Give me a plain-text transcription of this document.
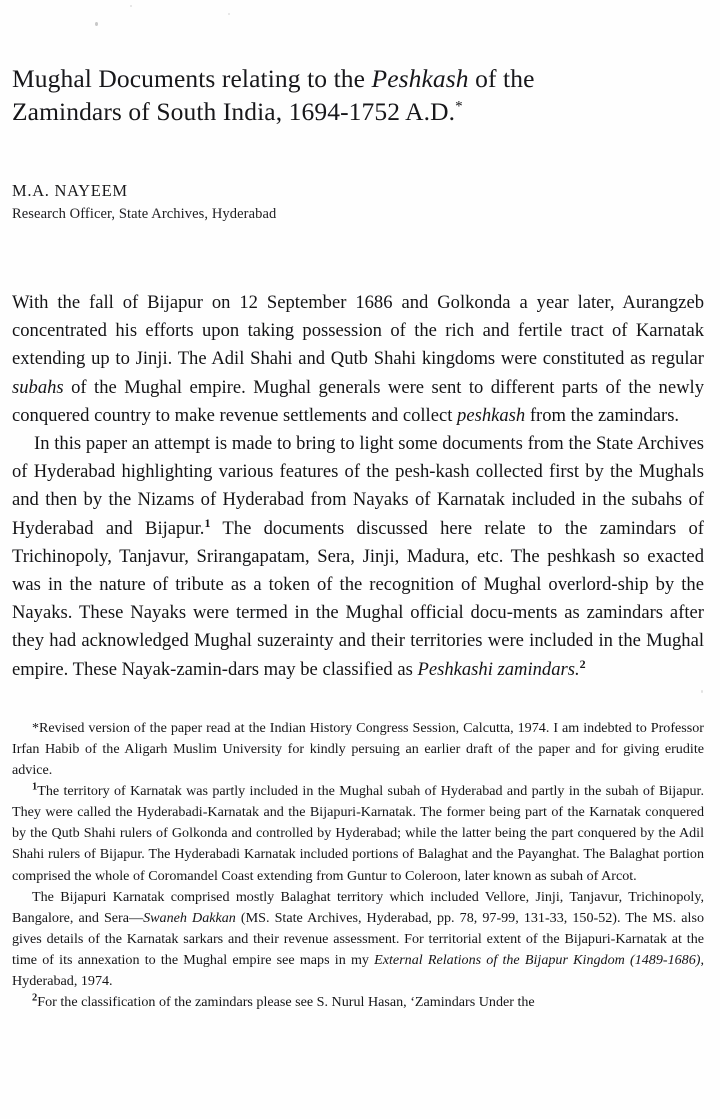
Mughal Documents relating to the Peshkash of the
Zamindars of South India, 1694-1752 A.D.*
M.A. NAYEEM
Research Officer, State Archives, Hyderabad

With the fall of Bijapur on 12 September 1686 and Golkonda a year later, Aurangzeb concentrated his efforts upon taking possession of the rich and fertile tract of Karnatak extending up to Jinji. The Adil Shahi and Qutb Shahi kingdoms were constituted as regular subahs of the Mughal empire. Mughal generals were sent to different parts of the newly conquered country to make revenue settlements and collect peshkash from the zamindars.

In this paper an attempt is made to bring to light some documents from the State Archives of Hyderabad highlighting various features of the pesh-kash collected first by the Mughals and then by the Nizams of Hyderabad from Nayaks of Karnatak included in the subahs of Hyderabad and Bijapur.$^1$ The documents discussed here relate to the zamindars of Trichinopoly, Tanjavur, Srirangapatam, Sera, Jinji, Madura, etc. The peshkash so exacted was in the nature of tribute as a token of the recognition of Mughal overlord-ship by the Nayaks. These Nayaks were termed in the Mughal official docu-ments as zamindars after they had acknowledged Mughal suzerainty and their territories were included in the Mughal empire. These Nayak-zamin-dars may be classified as Peshkashi zamindars.$^2$

*Revised version of the paper read at the Indian History Congress Session, Calcutta, 1974. I am indebted to Professor Irfan Habib of the Aligarh Muslim University for kindly persuing an earlier draft of the paper and for giving erudite advice.

$^1$The territory of Karnatak was partly included in the Mughal subah of Hyderabad and partly in the subah of Bijapur. They were called the Hyderabadi-Karnatak and the Bijapuri-Karnatak. The former being part of the Karnatak conquered by the Qutb Shahi rulers of Golkonda and controlled by Hyderabad; while the latter being the part conquered by the Adil Shahi rulers of Bijapur. The Hyderabadi Karnatak included portions of Balaghat and the Payanghat. The Balaghat portion comprised the whole of Coromandel Coast extending from Guntur to Coleroon, later known as subah of Arcot.

The Bijapuri Karnatak comprised mostly Balaghat territory which included Vellore, Jinji, Tanjavur, Trichinopoly, Bangalore, and Sera—Swaneh Dakkan (MS. State Archives, Hyderabad, pp. 78, 97-99, 131-33, 150-52). The MS. also gives details of the Karnatak sarkars and their revenue assessment. For territorial extent of the Bijapuri-Karnatak at the time of its annexation to the Mughal empire see maps in my External Relations of the Bijapur Kingdom (1489-1686), Hyderabad, 1974.

$^2$For the classification of the zamindars please see S. Nurul Hasan, ‘Zamindars Under the
